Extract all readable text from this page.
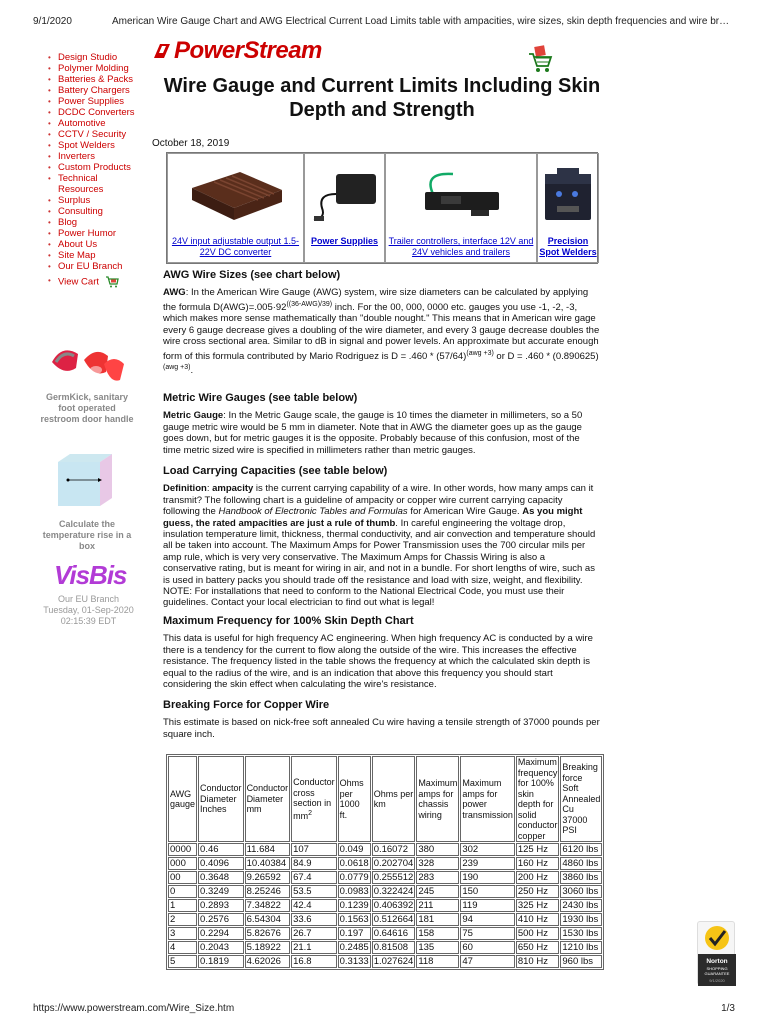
9/1/2020	American Wire Gauge Chart and AWG Electrical Current Load Limits table with ampacities, wire sizes, skin depth frequencies and wire br…
https://www.powerstream.com/Wire_Size.htm	1/3
• Design Studio
• Polymer Molding
• Batteries & Packs
• Battery Chargers
• Power Supplies
• DCDC Converters
• Automotive
• CCTV / Security
• Spot Welders
• Inverters
• Custom Products
• Technical Resources
• Surplus
• Consulting
• Blog
• Power Humor
• About Us
• Site Map
• Our EU Branch
• View Cart
GermKick, sanitary foot operated restroom door handle
Calculate the temperature rise in a box
VisBis
Our EU Branch
Tuesday, 01-Sep-2020
02:15:39 EDT
PowerStream
Wire Gauge and Current Limits Including Skin Depth and Strength
October 18, 2019
24V input adjustable output 1.5-22V DC converter
Power Supplies	Trailer controllers, interface 12V and 24V vehicles and trailers
Precision Spot Welders
AWG Wire Sizes (see chart below)

AWG: In the American Wire Gauge (AWG) system, wire size diameters can be calculated by applying the formula $D(AWG)=.005\cdot 92^{((36-AWG)/39)}$ inch. For the 00, 000, 0000 etc. gauges you use -1, -2, -3, which makes more sense mathematically than "double nought." This means that in American wire gage every 6 gauge decrease gives a doubling of the wire diameter, and every 3 gauge decrease doubles the wire cross sectional area. Similar to dB in signal and power levels. An approximate but accurate enough form of this formula contributed by Mario Rodriguez is $D = .460 * (57/64)^{(awg +3)}$ or $D = .460 * (0.890625)^{(awg +3)}$.

Metric Wire Gauges (see table below)

Metric Gauge: In the Metric Gauge scale, the gauge is 10 times the diameter in millimeters, so a 50 gauge metric wire would be 5 mm in diameter. Note that in AWG the diameter goes up as the gauge goes down, but for metric gauges it is the opposite. Probably because of this confusion, most of the time metric sized wire is specified in millimeters rather than metric gauges.

Load Carrying Capacities (see table below)

Definition: ampacity is the current carrying capability of a wire. In other words, how many amps can it transmit? The following chart is a guideline of ampacity or copper wire current carrying capacity following the Handbook of Electronic Tables and Formulas for American Wire Gauge. As you might guess, the rated ampacities are just a rule of thumb. In careful engineering the voltage drop, insulation temperature limit, thickness, thermal conductivity, and air convection and temperature should all be taken into account. The Maximum Amps for Power Transmission uses the 700 circular mils per amp rule, which is very very conservative. The Maximum Amps for Chassis Wiring is also a conservative rating, but is meant for wiring in air, and not in a bundle. For short lengths of wire, such as is used in battery packs you should trade off the resistance and load with size, weight, and flexibility. NOTE: For installations that need to conform to the National Electrical Code, you must use their guidelines. Contact your local electrician to find out what is legal!

Maximum Frequency for 100% Skin Depth Chart

This data is useful for high frequency AC engineering. When high frequency AC is conducted by a wire there is a tendency for the current to flow along the outside of the wire. This increases the effective resistance. The frequency listed in the table shows the frequency at which the calculated skin depth is equal to the radius of the wire, and is an indication that above this frequency you should start considering the skin effect when calculating the wire's resistance.

Breaking Force for Copper Wire

This estimate is based on nick-free soft annealed Cu wire having a tensile strength of 37000 pounds per square inch.

AWG gauge	Conductor Diameter Inches	Conductor Diameter mm	Conductor cross section in $mm^2$	Ohms per 1000 ft.	Ohms per km	Maximum amps for chassis wiring	Maximum amps for power transmission	Maximum frequency for 100% skin depth for solid conductor copper	Breaking force Soft Annealed Cu 37000 PSI
0000	0.46	11.684	107	0.049	0.16072	380	302	125 Hz	6120 lbs
000	0.4096	10.40384	84.9	0.0618	0.202704	328	239	160 Hz	4860 lbs
00	0.3648	9.26592	67.4	0.0779	0.255512	283	190	200 Hz	3860 lbs
0	0.3249	8.25246	53.5	0.0983	0.322424	245	150	250 Hz	3060 lbs
1	0.2893	7.34822	42.4	0.1239	0.406392	211	119	325 Hz	2430 lbs
2	0.2576	6.54304	33.6	0.1563	0.512664	181	94	410 Hz	1930 lbs
3	0.2294	5.82676	26.7	0.197	0.64616	158	75	500 Hz	1530 lbs
4	0.2043	5.18922	21.1	0.2485	0.81508	135	60	650 Hz	1210 lbs
5	0.1819	4.62026	16.8	0.3133	1.027624	118	47	810 Hz	960 lbs	Norton
SHOPPING
GUARANTEE
9/1/2020
